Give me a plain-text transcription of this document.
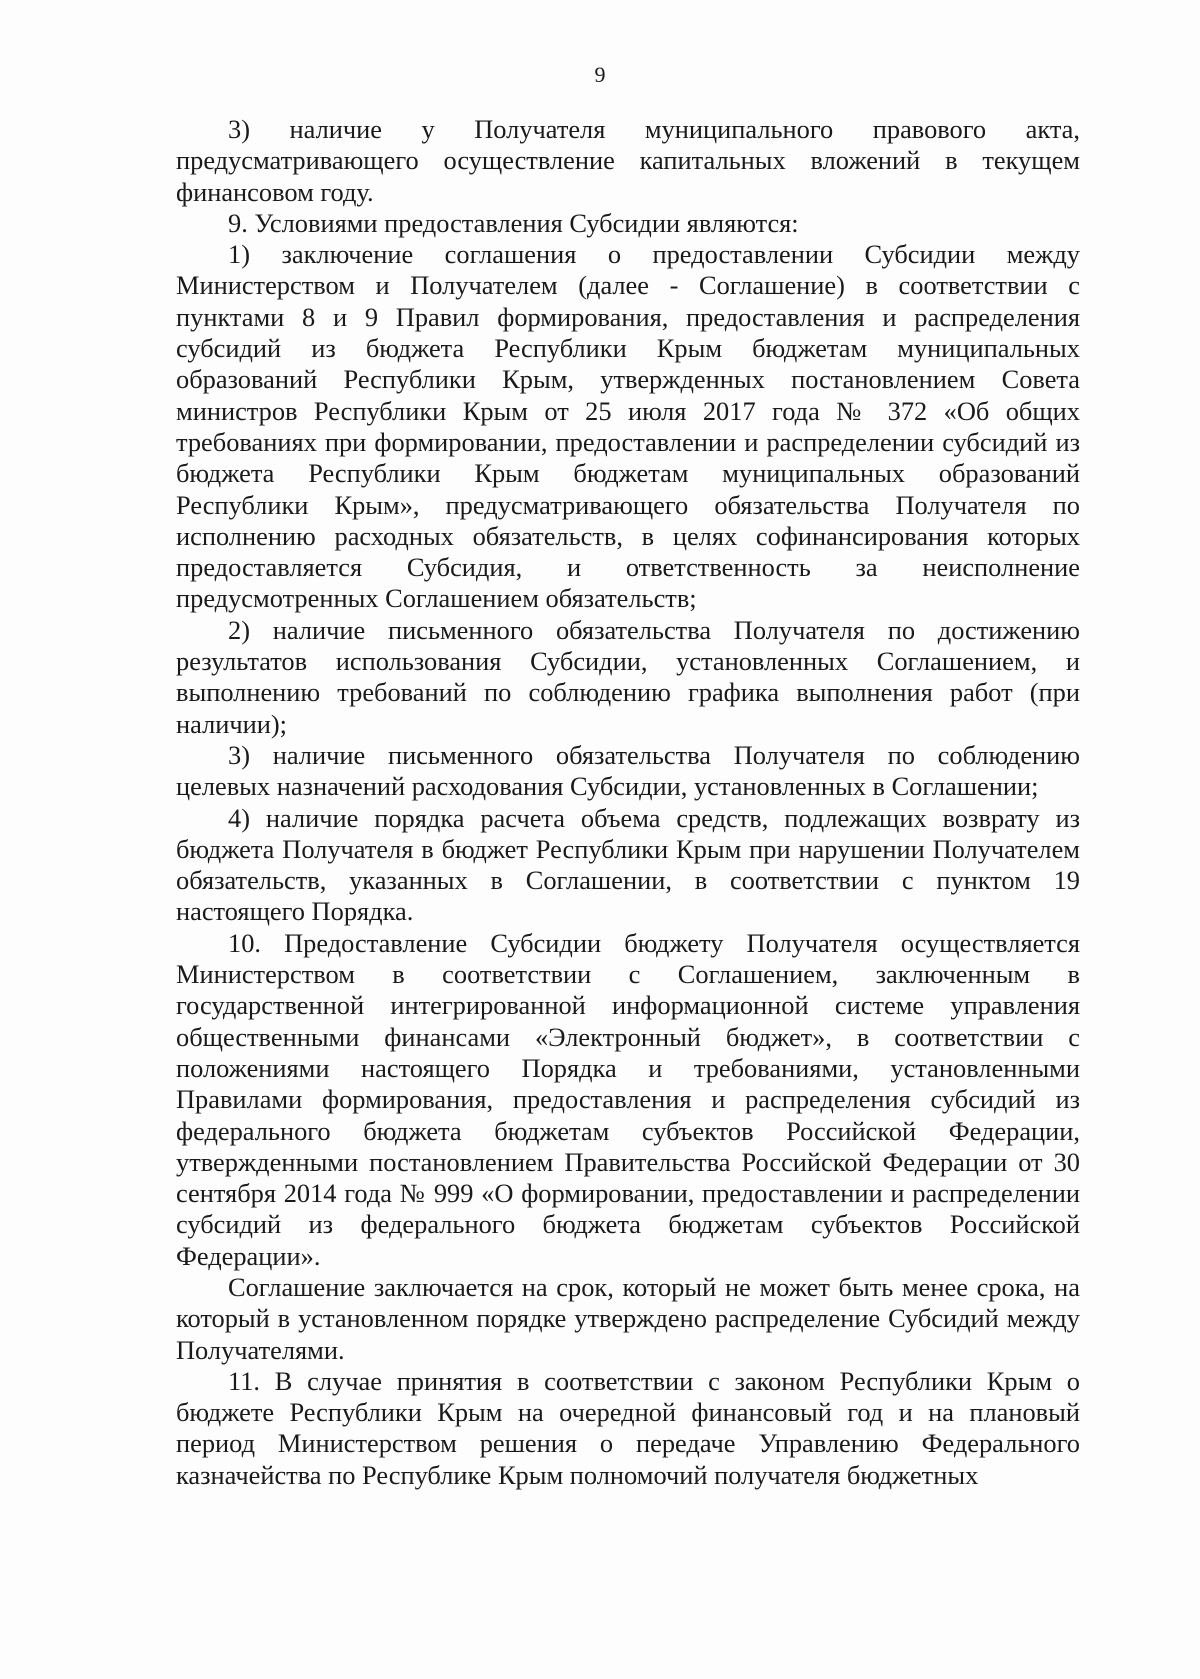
9

3) наличие у Получателя муниципального правового акта, предусматривающего осуществление капитальных вложений в текущем финансовом году.

9. Условиями предоставления Субсидии являются:

1) заключение соглашения о предоставлении Субсидии между Министерством и Получателем (далее - Соглашение) в соответствии с пунктами 8 и 9 Правил формирования, предоставления и распределения субсидий из бюджета Республики Крым бюджетам муниципальных образований Республики Крым, утвержденных постановлением Совета министров Республики Крым от 25 июля 2017 года № 372 «Об общих требованиях при формировании, предоставлении и распределении субсидий из бюджета Республики Крым бюджетам муниципальных образований Республики Крым», предусматривающего обязательства Получателя по исполнению расходных обязательств, в целях софинансирования которых предоставляется Субсидия, и ответственность за неисполнение предусмотренных Соглашением обязательств;

2) наличие письменного обязательства Получателя по достижению результатов использования Субсидии, установленных Соглашением, и выполнению требований по соблюдению графика выполнения работ (при наличии);

3) наличие письменного обязательства Получателя по соблюдению целевых назначений расходования Субсидии, установленных в Соглашении;

4) наличие порядка расчета объема средств, подлежащих возврату из бюджета Получателя в бюджет Республики Крым при нарушении Получателем обязательств, указанных в Соглашении, в соответствии с пунктом 19 настоящего Порядка.

10. Предоставление Субсидии бюджету Получателя осуществляется Министерством в соответствии с Соглашением, заключенным в государственной интегрированной информационной системе управления общественными финансами «Электронный бюджет», в соответствии с положениями настоящего Порядка и требованиями, установленными Правилами формирования, предоставления и распределения субсидий из федерального бюджета бюджетам субъектов Российской Федерации, утвержденными постановлением Правительства Российской Федерации от 30 сентября 2014 года № 999 «О формировании, предоставлении и распределении субсидий из федерального бюджета бюджетам субъектов Российской Федерации».

Соглашение заключается на срок, который не может быть менее срока, на который в установленном порядке утверждено распределение Субсидий между Получателями.

11. В случае принятия в соответствии с законом Республики Крым о бюджете Республики Крым на очередной финансовый год и на плановый период Министерством решения о передаче Управлению Федерального казначейства по Республике Крым полномочий получателя бюджетных
